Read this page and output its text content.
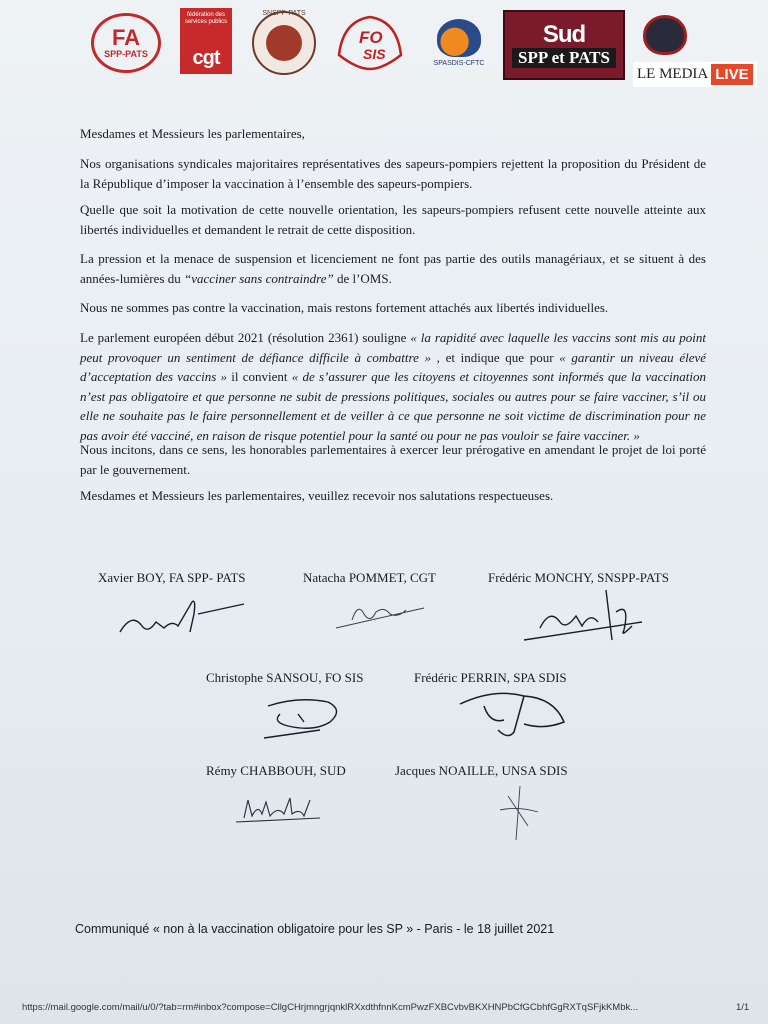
FA
SPP-PATS
fédération des services publics
cgt
SNSPP-PATS
FO
SIS
SPASDIS-CFTC
Sud
SPP et PATS
LE MEDIA LIVE

Mesdames et Messieurs les parlementaires,

Nos organisations syndicales majoritaires représentatives des sapeurs-pompiers rejettent la proposition du Président de la République d’imposer la vaccination à l’ensemble des sapeurs-pompiers.

Quelle que soit la motivation de cette nouvelle orientation, les sapeurs-pompiers refusent cette nouvelle atteinte aux libertés individuelles et demandent le retrait de cette disposition.

La pression et la menace de suspension et licenciement ne font pas partie des outils managériaux, et se situent à des années-lumières du “vacciner sans contraindre” de l’OMS.

Nous ne sommes pas contre la vaccination, mais restons fortement attachés aux libertés individuelles.

Le parlement européen début 2021 (résolution 2361) souligne « la rapidité avec laquelle les vaccins sont mis au point peut provoquer un sentiment de défiance difficile à combattre » , et indique que pour « garantir un niveau élevé d’acceptation des vaccins » il convient « de s’assurer que les citoyens et citoyennes sont informés que la vaccination n’est pas obligatoire et que personne ne subit de pressions politiques, sociales ou autres pour se faire vacciner, s’il ou elle ne souhaite pas le faire personnellement et de veiller à ce que personne ne soit victime de discrimination pour ne pas avoir été vacciné, en raison de risque potentiel pour la santé ou pour ne pas vouloir se faire vacciner. »

Nous incitons, dans ce sens, les honorables parlementaires à exercer leur prérogative en amendant le projet de loi porté par le gouvernement.

Mesdames et Messieurs les parlementaires, veuillez recevoir nos salutations respectueuses.

Xavier BOY, FA SPP- PATS	Natacha POMMET, CGT	Frédéric MONCHY, SNSPP-PATS

Christophe SANSOU, FO SIS	Frédéric PERRIN, SPA SDIS

Rémy CHABBOUH, SUD	Jacques NOAILLE, UNSA SDIS

Communiqué « non à la vaccination obligatoire pour les SP » - Paris - le 18 juillet 2021
https://mail.google.com/mail/u/0/?tab=rm#inbox?compose=CllgCHrjmngrjqnklRXxdthfnnKcmPwzFXBCvbvBKXHNPbCfGCbhfGgRXTqSFjkKMbk...	1/1
